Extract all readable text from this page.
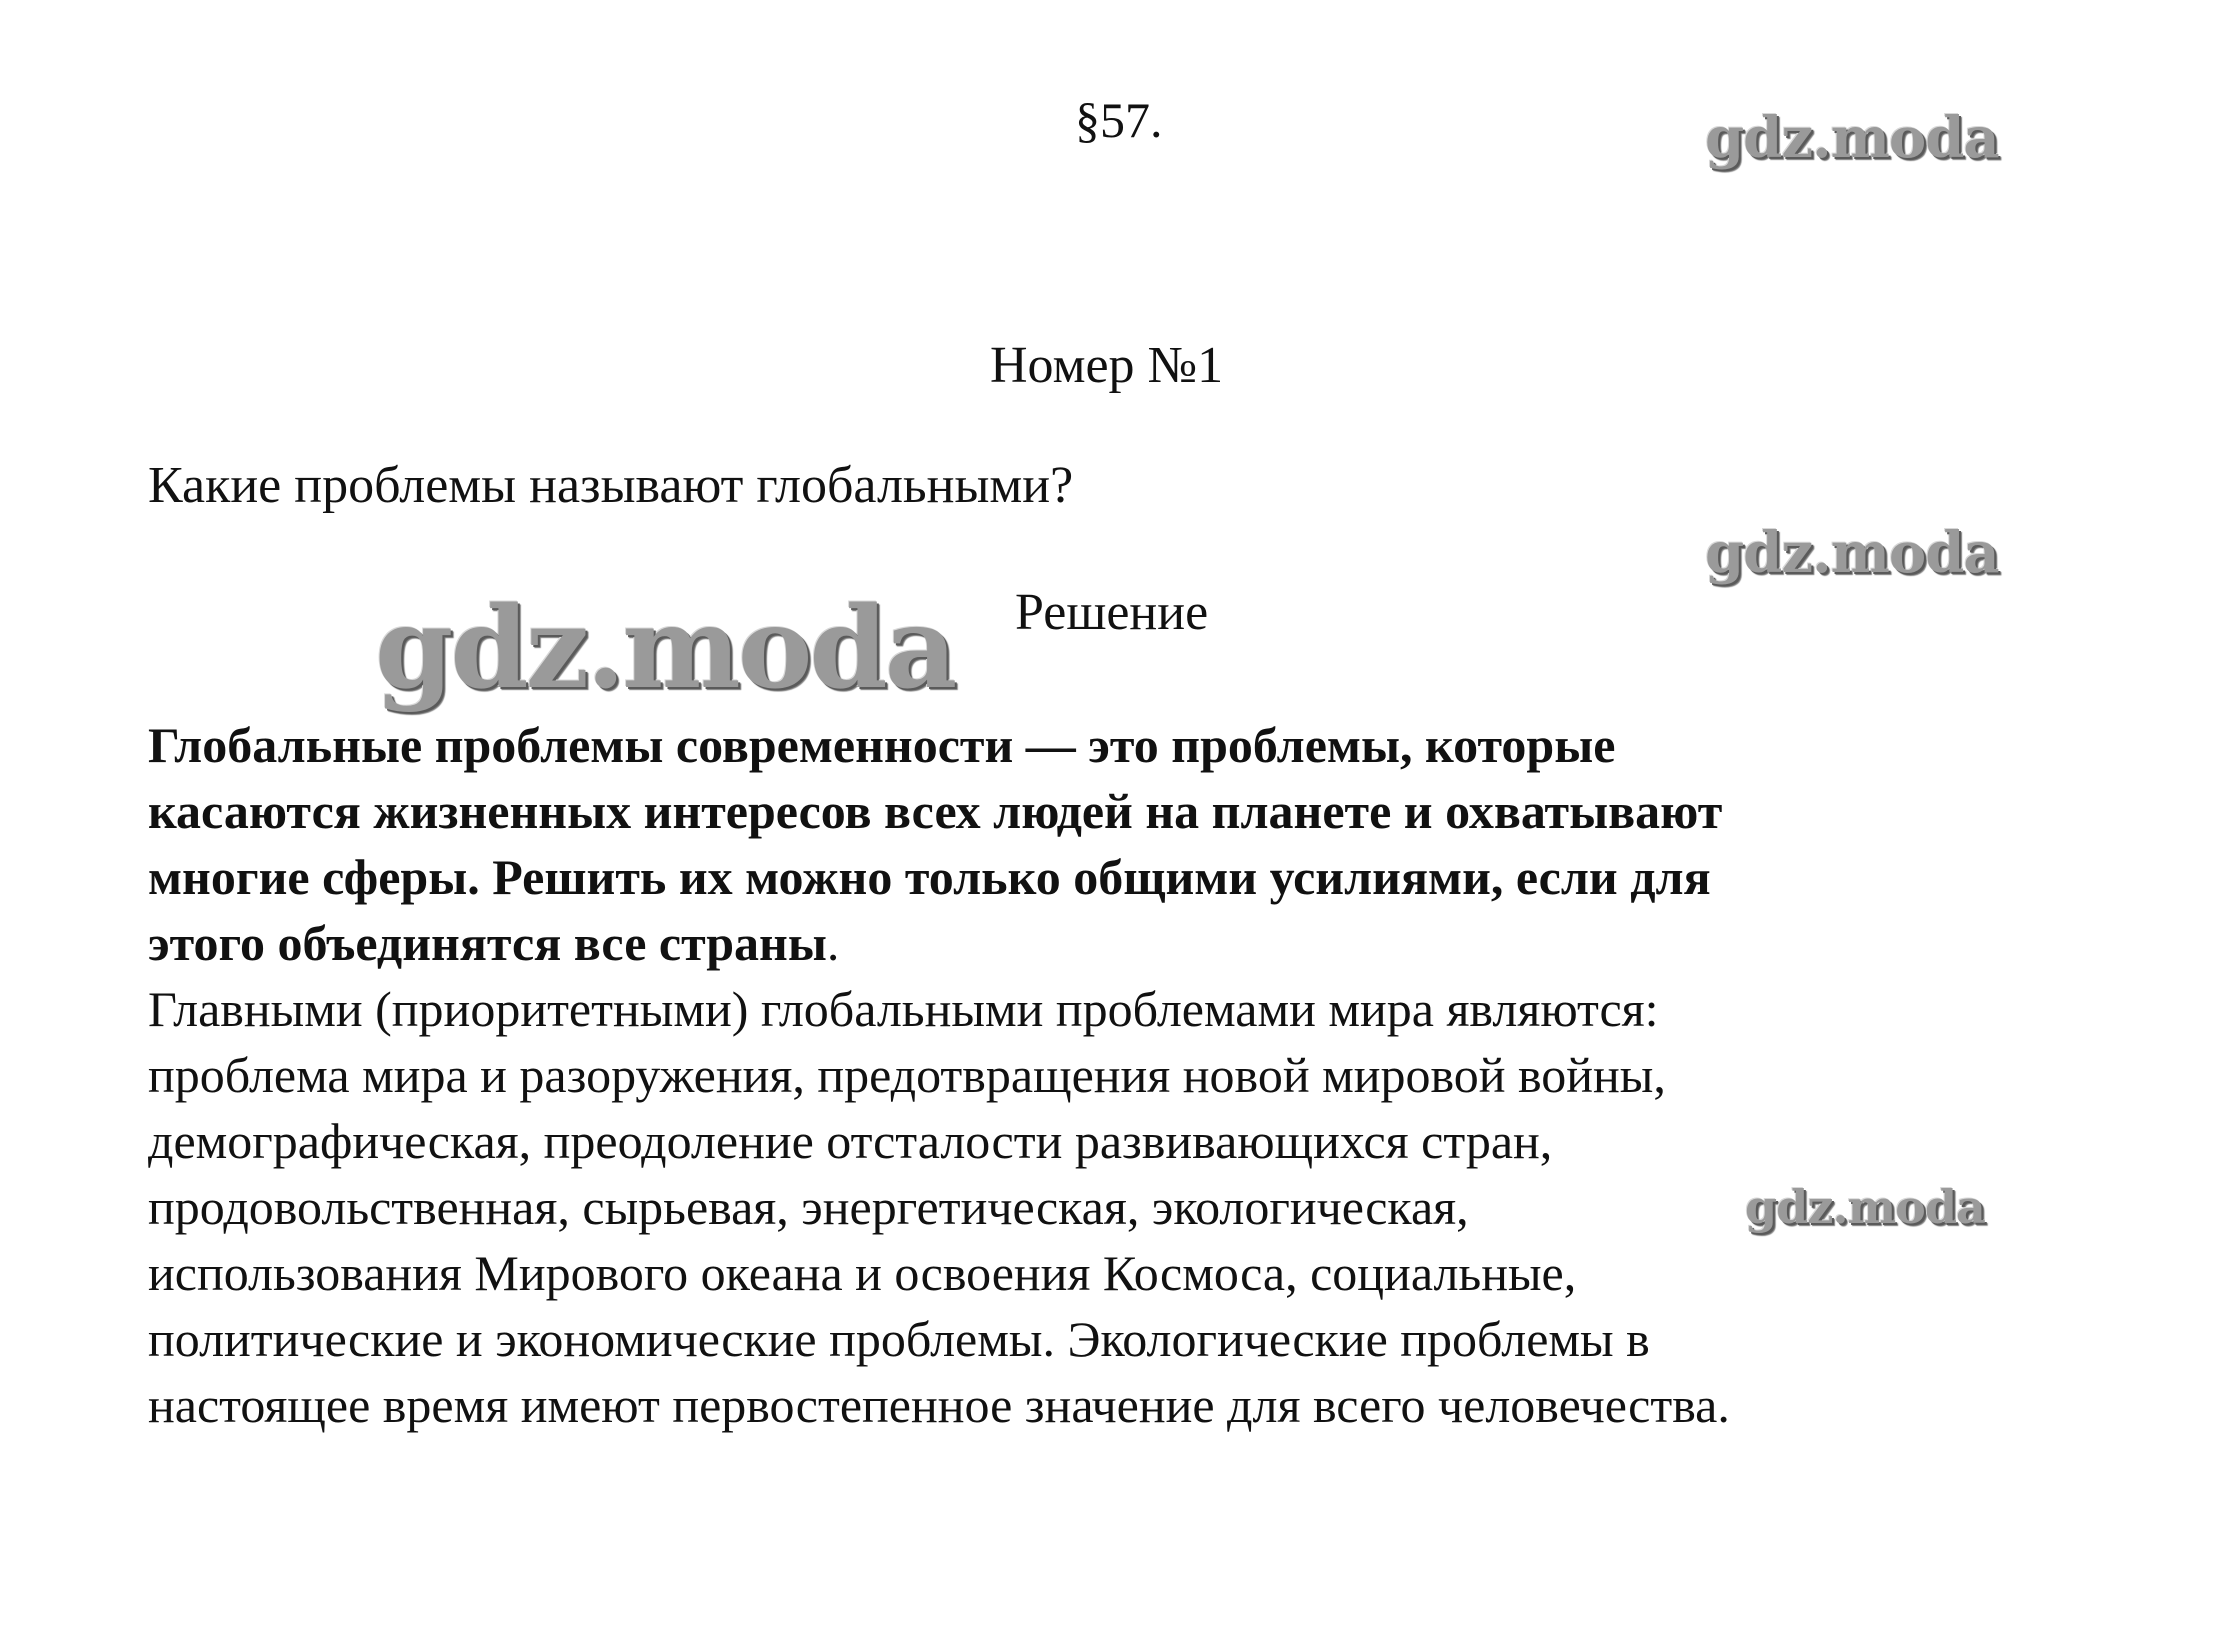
§57.
Номер №1
Какие проблемы называют глобальными?
Решение
Глобальные проблемы современности — это проблемы, которые
касаются жизненных интересов всех людей на планете и охватывают
многие сферы. Решить их можно только общими усилиями, если для
этого объединятся все страны.
Главными (приоритетными) глобальными проблемами мира являются:
проблема мира и разоружения, предотвращения новой мировой войны,
демографическая, преодоление отсталости развивающихся стран,
продовольственная, сырьевая, энергетическая, экологическая,
использования Мирового океана и освоения Космоса, социальные,
политические и экономические проблемы. Экологические проблемы в
настоящее время имеют первостепенное значение для всего человечества.
gdz.moda
gdz.moda
gdz.moda
gdz.moda
